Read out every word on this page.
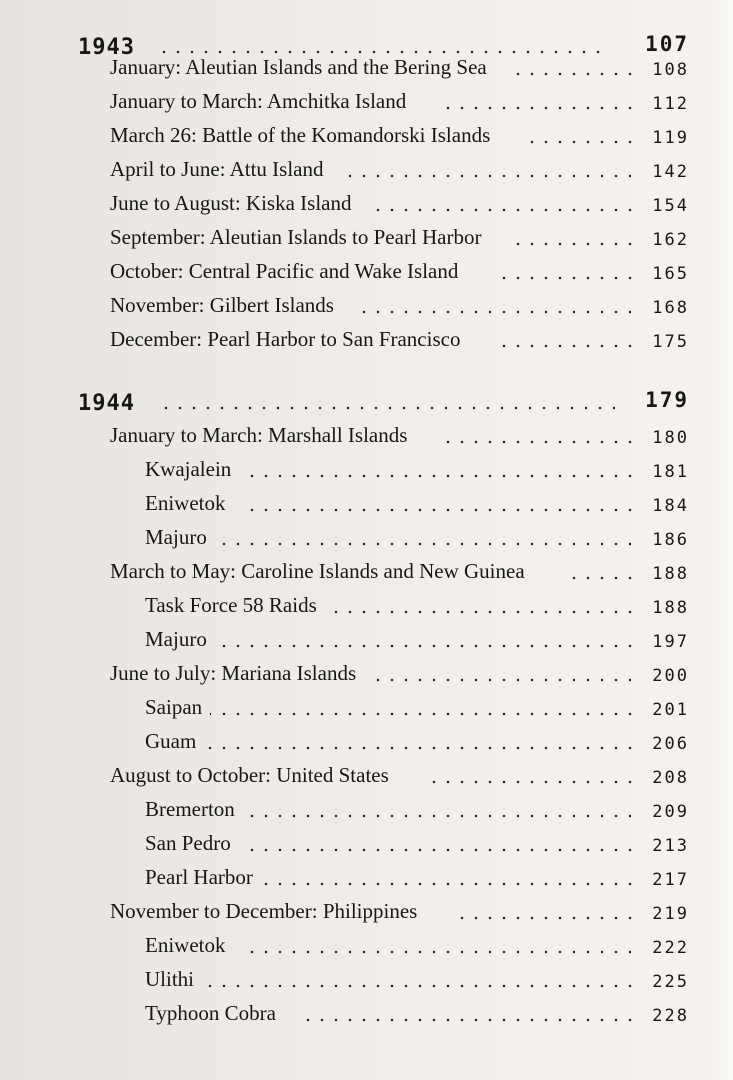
1943	107
January: Aleutian Islands and the Bering Sea	108
January to March: Amchitka Island	112
March 26: Battle of the Komandorski Islands	119
April to June: Attu Island	142
June to August: Kiska Island	154
September: Aleutian Islands to Pearl Harbor	162
October: Central Pacific and Wake Island	165
November: Gilbert Islands	168
December: Pearl Harbor to San Francisco	175
1944	179
January to March: Marshall Islands	180
Kwajalein	181
Eniwetok	184
Majuro	186
March to May: Caroline Islands and New Guinea	188
Task Force 58 Raids	188
Majuro	197
June to July: Mariana Islands	200
Saipan	201
Guam	206
August to October: United States	208
Bremerton	209
San Pedro	213
Pearl Harbor	217
November to December: Philippines	219
Eniwetok	222
Ulithi	225
Typhoon Cobra	228
